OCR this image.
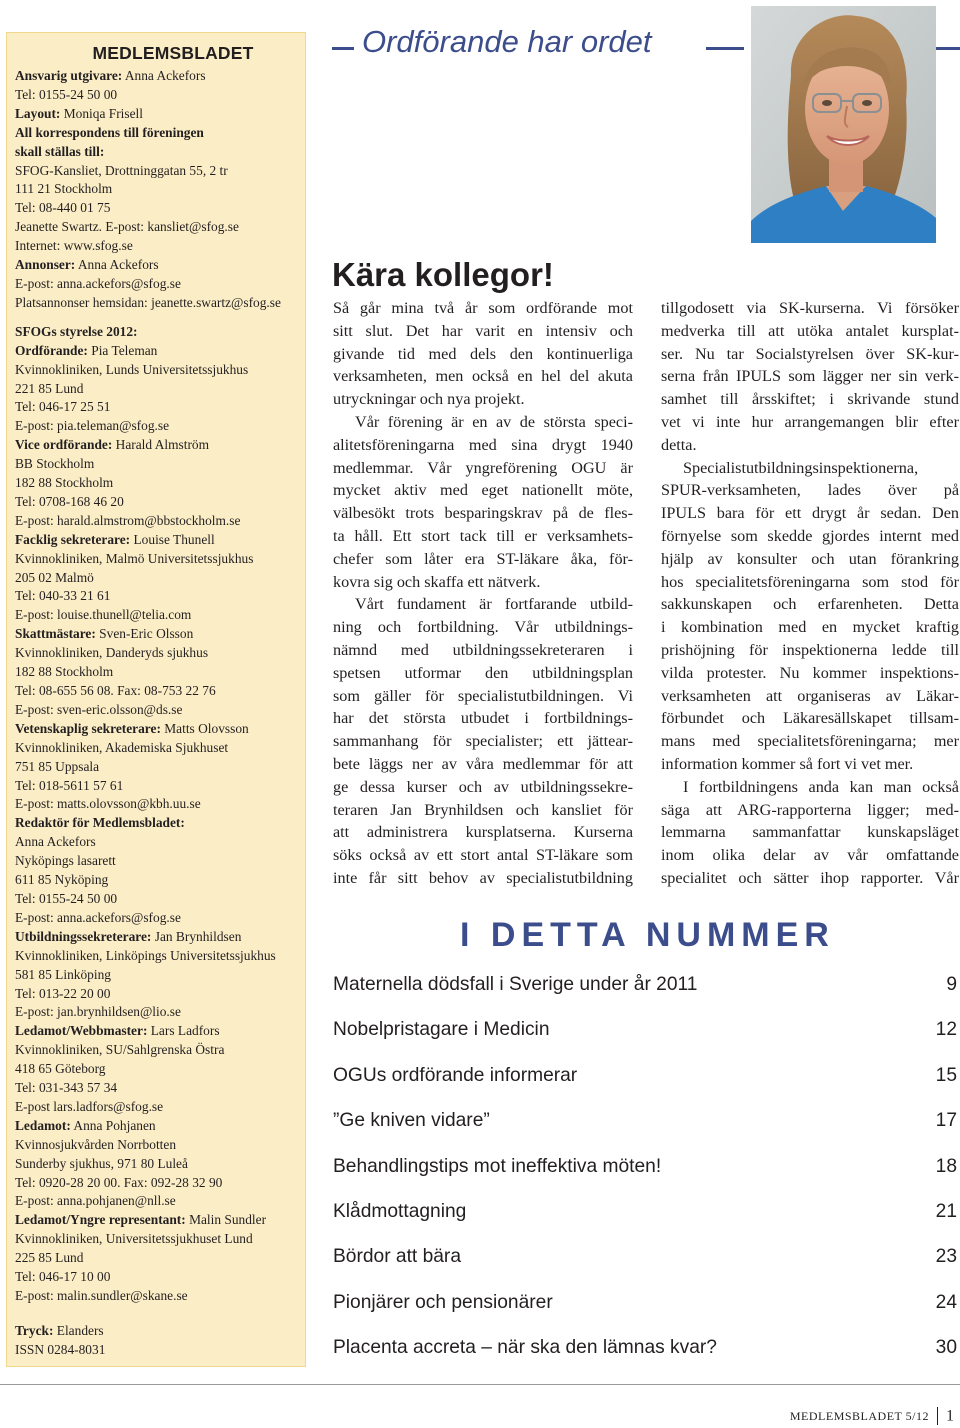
MEDLEMSBLADET
Ansvarig utgivare: Anna Ackefors
Tel: 0155-24 50 00
Layout: Moniqa Frisell
All korrespondens till föreningen
skall ställas till:
SFOG-Kansliet, Drottninggatan 55, 2 tr
111 21 Stockholm
Tel: 08-440 01 75
Jeanette Swartz. E-post: kansliet@sfog.se
Internet: www.sfog.se
Annonser: Anna Ackefors
E-post: anna.ackefors@sfog.se
Platsannonser hemsidan: jeanette.swartz@sfog.se
SFOGs styrelse 2012:
Ordförande: Pia Teleman
Kvinnokliniken, Lunds Universitetssjukhus
221 85 Lund
Tel: 046-17 25 51
E-post: pia.teleman@sfog.se
Vice ordförande: Harald Almström
BB Stockholm
182 88 Stockholm
Tel: 0708-168 46 20
E-post: harald.almstrom@bbstockholm.se
Facklig sekreterare: Louise Thunell
Kvinnokliniken, Malmö Universitetssjukhus
205 02 Malmö
Tel: 040-33 21 61
E-post: louise.thunell@telia.com
Skattmästare: Sven-Eric Olsson
Kvinnokliniken, Danderyds sjukhus
182 88 Stockholm
Tel: 08-655 56 08. Fax: 08-753 22 76
E-post: sven-eric.olsson@ds.se
Vetenskaplig sekreterare: Matts Olovsson
Kvinnokliniken, Akademiska Sjukhuset
751 85 Uppsala
Tel: 018-5611 57 61
E-post: matts.olovsson@kbh.uu.se
Redaktör för Medlemsbladet:
Anna Ackefors
Nyköpings lasarett
611 85 Nyköping
Tel: 0155-24 50 00
E-post: anna.ackefors@sfog.se
Utbildningssekreterare: Jan Brynhildsen
Kvinnokliniken, Linköpings Universitetssjukhus
581 85 Linköping
Tel: 013-22 20 00
E-post: jan.brynhildsen@lio.se
Ledamot/Webbmaster: Lars Ladfors
Kvinnokliniken, SU/Sahlgrenska Östra
418 65 Göteborg
Tel: 031-343 57 34
E-post lars.ladfors@sfog.se
Ledamot: Anna Pohjanen
Kvinnosjukvården Norrbotten
Sunderby sjukhus, 971 80 Luleå
Tel: 0920-28 20 00. Fax: 092-28 32 90
E-post: anna.pohjanen@nll.se
Ledamot/Yngre representant: Malin Sundler
Kvinnokliniken, Universitetssjukhuset Lund
225 85 Lund
Tel: 046-17 10 00
E-post: malin.sundler@skane.se
Tryck: Elanders
ISSN 0284-8031
Ordförande har ordet
Kära kollegor!
Så går mina två år som ordförande mot
sitt slut. Det har varit en intensiv och
givande tid med dels den kontinuerliga
verksamheten, men också en hel del akuta
utryckningar och nya projekt.
Vår förening är en av de största speci-
alitetsföreningarna med sina drygt 1940
medlemmar. Vår yngreförening OGU är
mycket aktiv med eget nationellt möte,
välbesökt trots besparingskrav på de fles-
ta håll. Ett stort tack till er verksamhets-
chefer som låter era ST-läkare åka, för-
kovra sig och skaffa ett nätverk.
Vårt fundament är fortfarande utbild-
ning och fortbildning. Vår utbildnings-
nämnd med utbildningssekreteraren i
spetsen utformar den utbildningsplan
som gäller för specialistutbildningen. Vi
har det största utbudet i fortbildnings-
sammanhang för specialister; ett jättear-
bete läggs ner av våra medlemmar för att
ge dessa kurser och av utbildningssekre-
teraren Jan Brynhildsen och kansliet för
att administrera kursplatserna. Kurserna
söks också av ett stort antal ST-läkare som
inte får sitt behov av specialistutbildning
tillgodosett via SK-kurserna. Vi försöker
medverka till att utöka antalet kursplat-
ser. Nu tar Socialstyrelsen över SK-kur-
serna från IPULS som lägger ner sin verk-
samhet till årsskiftet; i skrivande stund
vet vi inte hur arrangemangen blir efter
detta.
Specialistutbildningsinspektionerna,
SPUR-verksamheten, lades över på
IPULS bara för ett drygt år sedan. Den
förnyelse som skedde gjordes internt med
hjälp av konsulter och utan förankring
hos specialitetsföreningarna som stod för
sakkunskapen och erfarenheten. Detta
i kombination med en mycket kraftig
prishöjning för inspektionerna ledde till
vilda protester. Nu kommer inspektions-
verksamheten att organiseras av Läkar-
förbundet och Läkaresällskapet tillsam-
mans med specialitetsföreningarna; mer
information kommer så fort vi vet mer.
I fortbildningens anda kan man också
säga att ARG-rapporterna ligger; med-
lemmarna sammanfattar kunskapsläget
inom olika delar av vår omfattande
specialitet och sätter ihop rapporter. Vår
I DETTA NUMMER
Maternella dödsfall i Sverige under år 2011	9
Nobelpristagare i Medicin	12
OGUs ordförande informerar	15
”Ge kniven vidare”	17
Behandlingstips mot ineffektiva möten!	18
Klådmottagning	21
Bördor att bära	23
Pionjärer och pensionärer	24
Placenta accreta – när ska den lämnas kvar?	30
MEDLEMSBLADET 5/12 1
